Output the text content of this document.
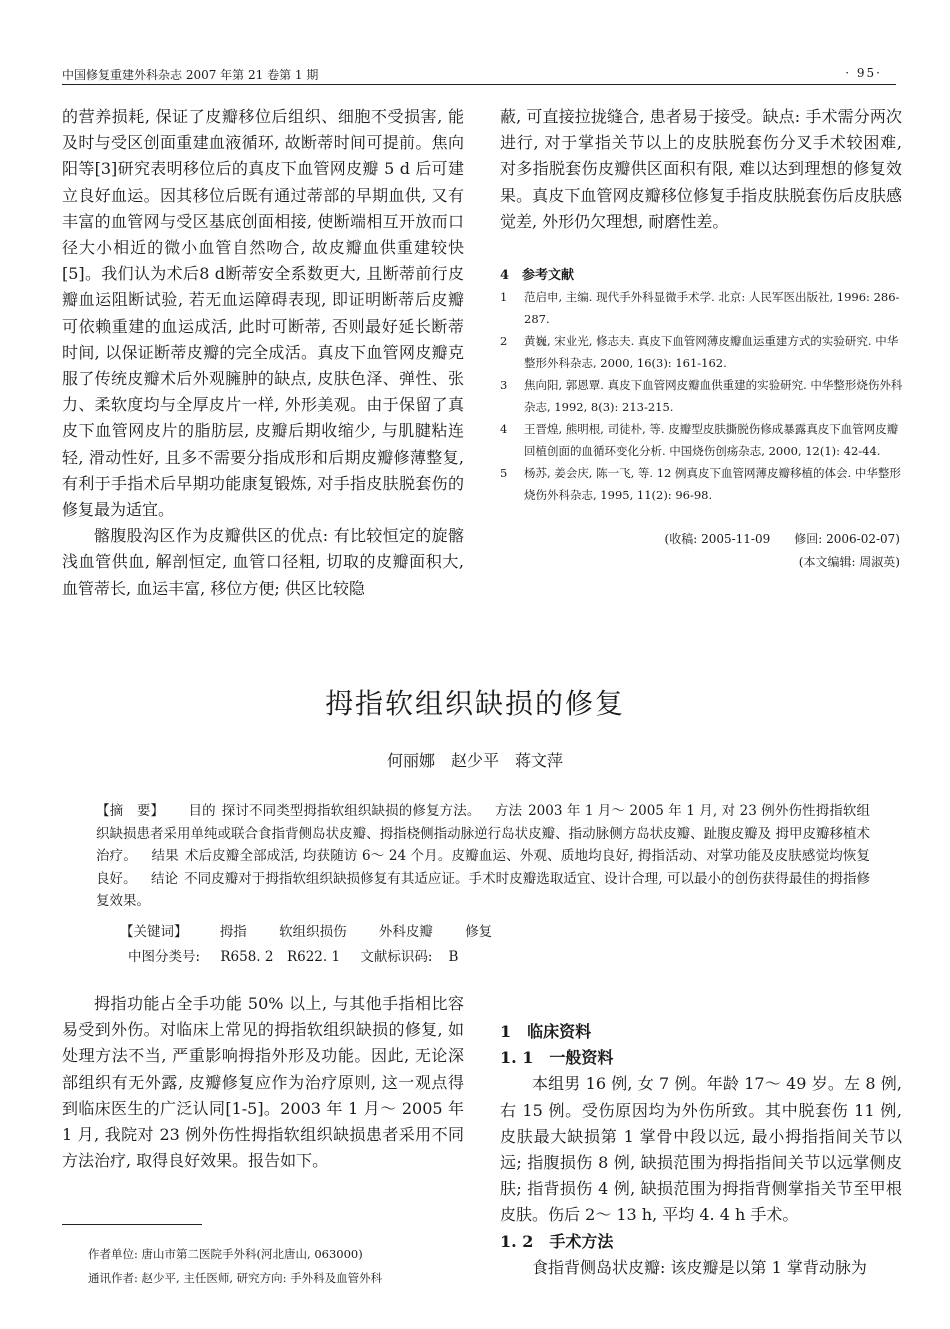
中国修复重建外科杂志 2007 年第 21 卷第 1 期	· 95·

的营养损耗, 保证了皮瓣移位后组织、细胞不受损害, 能及时与受区创面重建血液循环, 故断蒂时间可提前。焦向阳等[3]研究表明移位后的真皮下血管网皮瓣 5 d 后可建立良好血运。因其移位后既有通过蒂部的早期血供, 又有丰富的血管网与受区基底创面相接, 使断端相互开放而口径大小相近的微小血管自然吻合, 故皮瓣血供重建较快[5]。我们认为术后8 d断蒂安全系数更大, 且断蒂前行皮瓣血运阻断试验, 若无血运障碍表现, 即证明断蒂后皮瓣可依赖重建的血运成活, 此时可断蒂, 否则最好延长断蒂时间, 以保证断蒂皮瓣的完全成活。真皮下血管网皮瓣克服了传统皮瓣术后外观臃肿的缺点, 皮肤色泽、弹性、张力、柔软度均与全厚皮片一样, 外形美观。由于保留了真皮下血管网皮片的脂肪层, 皮瓣后期收缩少, 与肌腱粘连轻, 滑动性好, 且多不需要分指成形和后期皮瓣修薄整复, 有利于手指术后早期功能康复锻炼, 对手指皮肤脱套伤的修复最为适宜。

髂腹股沟区作为皮瓣供区的优点: 有比较恒定的旋髂浅血管供血, 解剖恒定, 血管口径粗, 切取的皮瓣面积大, 血管蒂长, 血运丰富, 移位方便; 供区比较隐

蔽, 可直接拉拢缝合, 患者易于接受。缺点: 手术需分两次进行, 对于掌指关节以上的皮肤脱套伤分叉手术较困难, 对多指脱套伤皮瓣供区面积有限, 难以达到理想的修复效果。真皮下血管网皮瓣移位修复手指皮肤脱套伤后皮肤感觉差, 外形仍欠理想, 耐磨性差。

4　参考文献
1 范启申, 主编. 现代手外科显微手术学. 北京: 人民军医出版社, 1996: 286-287.
2 黄巍, 宋业光, 修志夫. 真皮下血管网薄皮瓣血运重建方式的实验研究. 中华整形外科杂志, 2000, 16(3): 161-162.
3 焦向阳, 郭恩覃. 真皮下血管网皮瓣血供重建的实验研究. 中华整形烧伤外科杂志, 1992, 8(3): 213-215.
4 王晋煌, 熊明根, 司徒朴, 等. 皮瓣型皮肤撕脱伤修成暴露真皮下血管网皮瓣回植创面的血循环变化分析. 中国烧伤创疡杂志, 2000, 12(1): 42-44.
5 杨苏, 姜会庆, 陈一飞, 等. 12 例真皮下血管网薄皮瓣移植的体会. 中华整形烧伤外科杂志, 1995, 11(2): 96-98.
(收稿: 2005-11-09　　修回: 2006-02-07)
(本文编辑: 周淑英)
拇指软组织缺损的修复
何丽娜　赵少平　蒋文萍

【摘　要】 目的 探讨不同类型拇指软组织缺损的修复方法。 方法 2003 年 1 月～ 2005 年 1 月, 对 23 例外伤性拇指软组织缺损患者采用单纯或联合食指背侧岛状皮瓣、拇指桡侧指动脉逆行岛状皮瓣、指动脉侧方岛状皮瓣、趾腹皮瓣及 拇甲皮瓣移植术治疗。 结果 术后皮瓣全部成活, 均获随访 6～ 24 个月。皮瓣血运、外观、质地均良好, 拇指活动、对掌功能及皮肤感觉均恢复良好。 结论 不同皮瓣对于拇指软组织缺损修复有其适应证。手术时皮瓣选取适宜、设计合理, 可以最小的创伤获得最佳的拇指修复效果。

【关键词】 拇指 软组织损伤 外科皮瓣 修复
中图分类号: R658. 2　R622. 1 文献标识码: B

拇指功能占全手功能 50% 以上, 与其他手指相比容易受到外伤。对临床上常见的拇指软组织缺损的修复, 如处理方法不当, 严重影响拇指外形及功能。因此, 无论深部组织有无外露, 皮瓣修复应作为治疗原则, 这一观点得到临床医生的广泛认同[1-5]。2003 年 1 月～ 2005 年 1 月, 我院对 23 例外伤性拇指软组织缺损患者采用不同方法治疗, 取得良好效果。报告如下。

1　临床资料

1. 1　一般资料

本组男 16 例, 女 7 例。年龄 17～ 49 岁。左 8 例, 右 15 例。受伤原因均为外伤所致。其中脱套伤 11 例, 皮肤最大缺损第 1 掌骨中段以远, 最小拇指指间关节以远; 指腹损伤 8 例, 缺损范围为拇指指间关节以远掌侧皮肤; 指背损伤 4 例, 缺损范围为拇指背侧掌指关节至甲根皮肤。伤后 2～ 13 h, 平均 4. 4 h 手术。

1. 2　手术方法

食指背侧岛状皮瓣: 该皮瓣是以第 1 掌背动脉为

作者单位: 唐山市第二医院手外科(河北唐山, 063000)
通讯作者: 赵少平, 主任医师, 研究方向: 手外科及血管外科
